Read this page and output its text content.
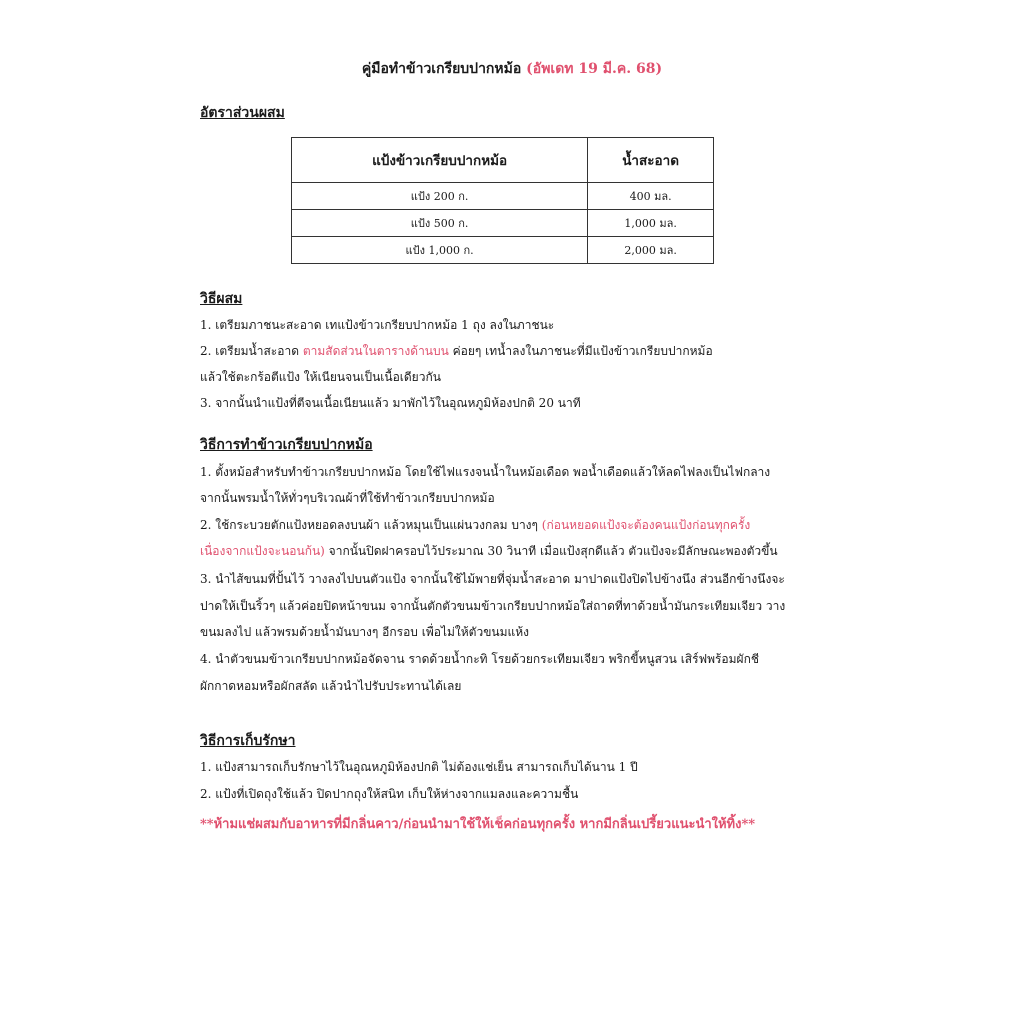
คู่มือทำข้าวเกรียบปากหม้อ (อัพเดท 19 มี.ค. 68)
อัตราส่วนผสม
แป้งข้าวเกรียบปากหม้อ	น้ำสะอาด
แป้ง 200 ก.	400 มล.
แป้ง 500 ก.	1,000 มล.
แป้ง 1,000 ก.	2,000 มล.
วิธีผสม
1. เตรียมภาชนะสะอาด เทแป้งข้าวเกรียบปากหม้อ 1 ถุง ลงในภาชนะ
2. เตรียมน้ำสะอาด ตามสัดส่วนในตารางด้านบน ค่อยๆ เทน้ำลงในภาชนะที่มีแป้งข้าวเกรียบปากหม้อ
แล้วใช้ตะกร้อตีแป้ง ให้เนียนจนเป็นเนื้อเดียวกัน
3. จากนั้นนำแป้งที่ตีจนเนื้อเนียนแล้ว มาพักไว้ในอุณหภูมิห้องปกติ 20 นาที
วิธีการทำข้าวเกรียบปากหม้อ
1. ตั้งหม้อสำหรับทำข้าวเกรียบปากหม้อ โดยใช้ไฟแรงจนน้ำในหม้อเดือด พอน้ำเดือดแล้วให้ลดไฟลงเป็นไฟกลาง
จากนั้นพรมน้ำให้ทั่วๆบริเวณผ้าที่ใช้ทำข้าวเกรียบปากหม้อ
2. ใช้กระบวยตักแป้งหยอดลงบนผ้า แล้วหมุนเป็นแผ่นวงกลม บางๆ (ก่อนหยอดแป้งจะต้องคนแป้งก่อนทุกครั้ง
เนื่องจากแป้งจะนอนก้น) จากนั้นปิดฝาครอบไว้ประมาณ 30 วินาที เมื่อแป้งสุกดีแล้ว ตัวแป้งจะมีลักษณะพองตัวขึ้น
3. นำไส้ขนมที่ปั้นไว้ วางลงไปบนตัวแป้ง จากนั้นใช้ไม้พายที่จุ่มน้ำสะอาด มาปาดแป้งปิดไปข้างนึง ส่วนอีกข้างนึงจะ
ปาดให้เป็นริ้วๆ แล้วค่อยปิดหน้าขนม จากนั้นตักตัวขนมข้าวเกรียบปากหม้อใส่ถาดที่ทาด้วยน้ำมันกระเทียมเจียว วาง
ขนมลงไป แล้วพรมด้วยน้ำมันบางๆ อีกรอบ เพื่อไม่ให้ตัวขนมแห้ง
4. นำตัวขนมข้าวเกรียบปากหม้อจัดจาน ราดด้วยน้ำกะทิ โรยด้วยกระเทียมเจียว พริกขี้หนูสวน เสิร์ฟพร้อมผักชี
ผักกาดหอมหรือผักสลัด แล้วนำไปรับประทานได้เลย
วิธีการเก็บรักษา
1. แป้งสามารถเก็บรักษาไว้ในอุณหภูมิห้องปกติ ไม่ต้องแช่เย็น สามารถเก็บได้นาน 1 ปี
2. แป้งที่เปิดถุงใช้แล้ว ปิดปากถุงให้สนิท เก็บให้ห่างจากแมลงและความชื้น
**ห้ามแช่ผสมกับอาหารที่มีกลิ่นคาว/ก่อนนำมาใช้ให้เช็คก่อนทุกครั้ง หากมีกลิ่นเปรี้ยวแนะนำให้ทิ้ง**
